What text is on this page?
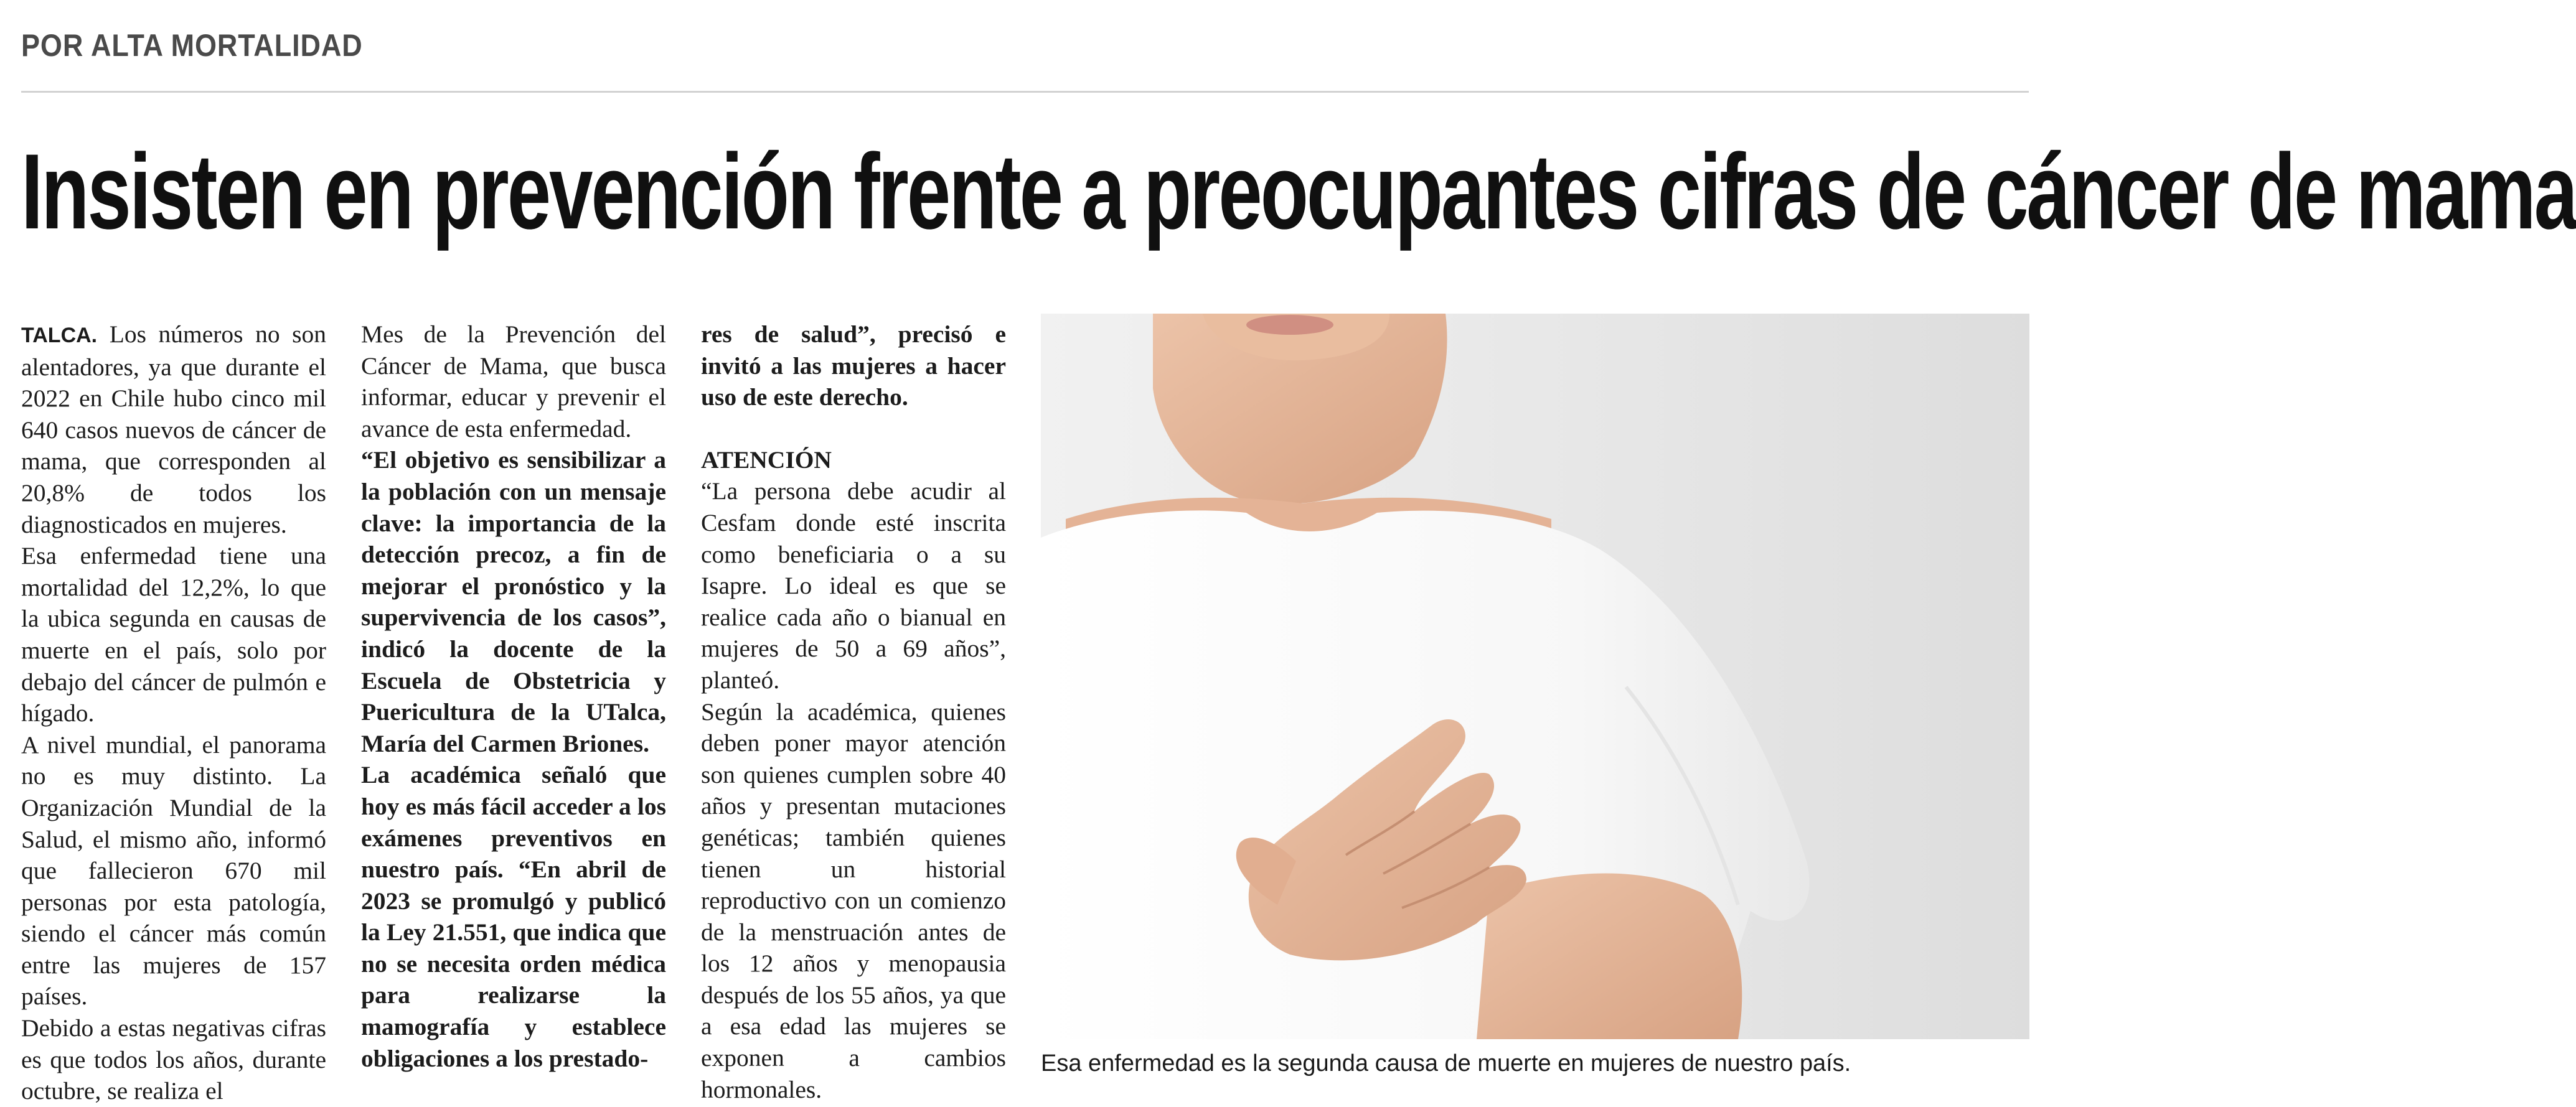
POR ALTA MORTALIDAD
Insisten en prevención frente a preocupantes cifras de cáncer de mama

TALCA. Los números no son alentadores, ya que durante el 2022 en Chile hubo cinco mil 640 casos nuevos de cáncer de mama, que corresponden al 20,8% de todos los diagnosticados en mujeres.

Esa enfermedad tiene una mortalidad del 12,2%, lo que la ubica segunda en causas de muerte en el país, solo por debajo del cáncer de pulmón e hígado.

A nivel mundial, el panorama no es muy distinto. La Organización Mundial de la Salud, el mismo año, informó que fallecieron 670 mil personas por esta patología, siendo el cáncer más común entre las mujeres de 157 países.

Debido a estas negativas cifras es que todos los años, durante octubre, se realiza el

Mes de la Prevención del Cáncer de Mama, que busca informar, educar y prevenir el avance de esta enfermedad.

“El objetivo es sensibilizar a la población con un mensaje clave: la importancia de la detección precoz, a fin de mejorar el pronóstico y la supervivencia de los casos”, indicó la docente de la Escuela de Obstetricia y Puericultura de la UTalca, María del Carmen Briones.

La académica señaló que hoy es más fácil acceder a los exámenes preventivos en nuestro país. “En abril de 2023 se promulgó y publicó la Ley 21.551, que indica que no se necesita orden médica para realizarse la mamografía y establece obligaciones a los prestado-

res de salud”, precisó e invitó a las mujeres a hacer uso de este derecho.

ATENCIÓN

“La persona debe acudir al Cesfam donde esté inscrita como beneficiaria o a su Isapre. Lo ideal es que se realice cada año o bianual en mujeres de 50 a 69 años”, planteó.

Según la académica, quienes deben poner mayor atención son quienes cumplen sobre 40 años y presentan mutaciones genéticas; también quienes tienen un historial reproductivo con un comienzo de la menstruación antes de los 12 años y menopausia después de los 55 años, ya que a esa edad las mujeres se exponen a cambios hormonales.

Esa enfermedad es la segunda causa de muerte en mujeres de nuestro país.
